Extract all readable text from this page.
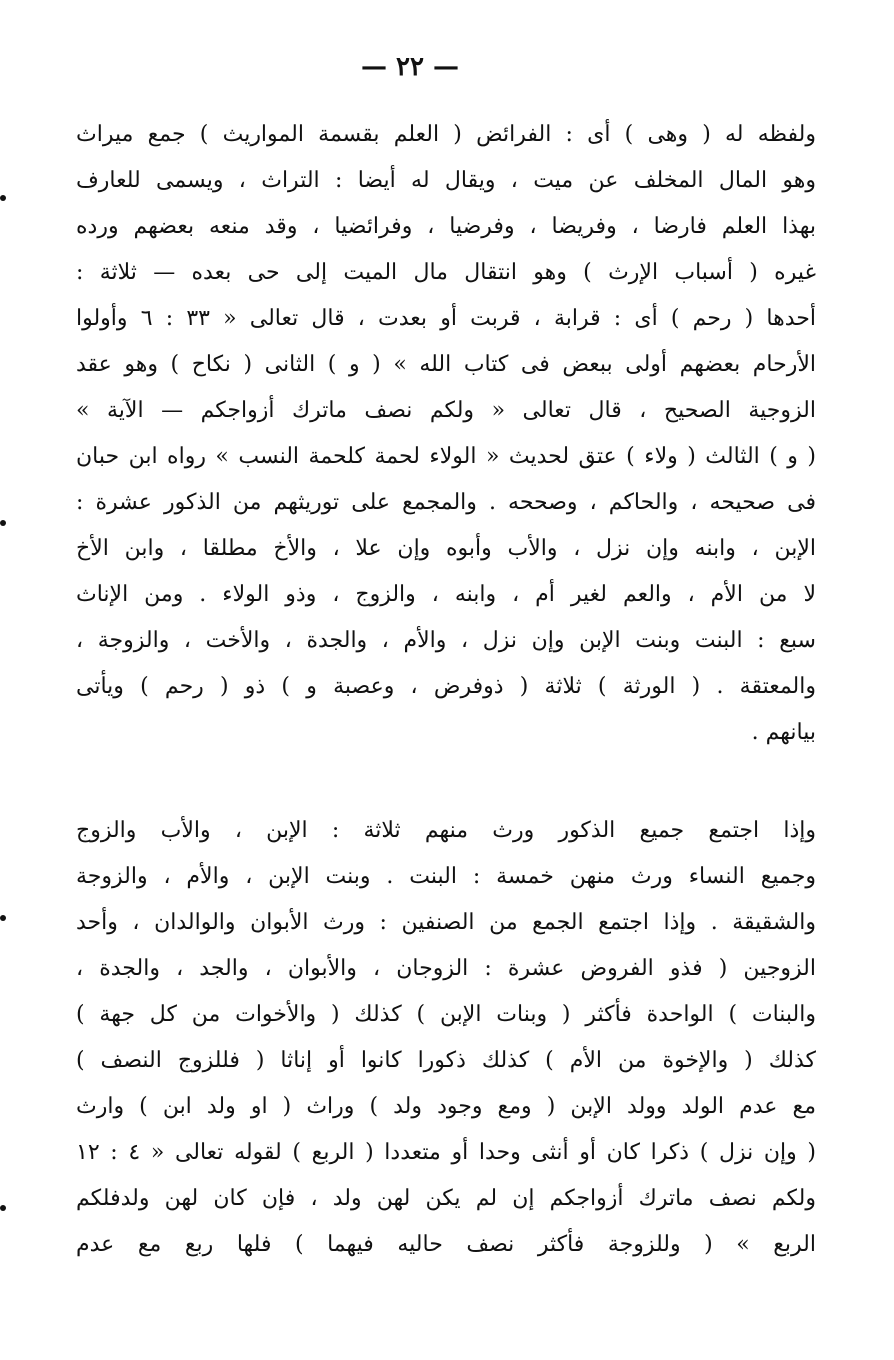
— ٢٢ —
ولفظه له ( وهى ) أى : الفرائض ( العلم بقسمة المواريث ) جمع ميراث
وهو المال المخلف عن ميت ، ويقال له أيضا : التراث ، ويسمى للعارف
بهذا العلم فارضا ، وفريضا ، وفرضيا ، وفرائضيا ، وقد منعه بعضهم ورده
غيره ( أسباب الإرث ) وهو انتقال مال الميت إلى حى بعده — ثلاثة :
أحدها ( رحم ) أى : قرابة ، قربت أو بعدت ، قال تعالى « ٣٣ : ٦ وأولوا
الأرحام بعضهم أولى ببعض فى كتاب الله » ( و ) الثانى ( نكاح ) وهو عقد
الزوجية الصحيح ، قال تعالى « ولكم نصف ماترك أزواجكم — الآية »
( و ) الثالث ( ولاء ) عتق لحديث « الولاء لحمة كلحمة النسب » رواه ابن حبان
فى صحيحه ، والحاكم ، وصححه . والمجمع على توريثهم من الذكور عشرة :
الإبن ، وابنه وإن نزل ، والأب وأبوه وإن علا ، والأخ مطلقا ، وابن الأخ
لا من الأم ، والعم لغير أم ، وابنه ، والزوج ، وذو الولاء . ومن الإناث
سبع : البنت وبنت الإبن وإن نزل ، والأم ، والجدة ، والأخت ، والزوجة ،
والمعتقة . ( الورثة ) ثلاثة ( ذوفرض ، وعصبة و ) ذو ( رحم ) ويأتى
بيانهم .
وإذا اجتمع جميع الذكور ورث منهم ثلاثة : الإبن ، والأب والزوج
وجميع النساء ورث منهن خمسة : البنت . وبنت الإبن ، والأم ، والزوجة
والشقيقة . وإذا اجتمع الجمع من الصنفين : ورث الأبوان والوالدان ، وأحد
الزوجين ( فذو الفروض عشرة : الزوجان ، والأبوان ، والجد ، والجدة ،
والبنات ) الواحدة فأكثر ( وبنات الإبن ) كذلك ( والأخوات من كل جهة )
كذلك ( والإخوة من الأم ) كذلك ذكورا كانوا أو إناثا ( فللزوج النصف )
مع عدم الولد وولد الإبن ( ومع وجود ولد ) وراث ( او ولد ابن ) وارث
( وإن نزل ) ذكرا كان أو أنثى وحدا أو متعددا ( الربع ) لقوله تعالى « ٤ : ١٢
ولكم نصف ماترك أزواجكم إن لم يكن لهن ولد ، فإن كان لهن ولدفلكم
الربع » ( وللزوجة فأكثر نصف حاليه فيهما ) فلها ربع مع عدم
